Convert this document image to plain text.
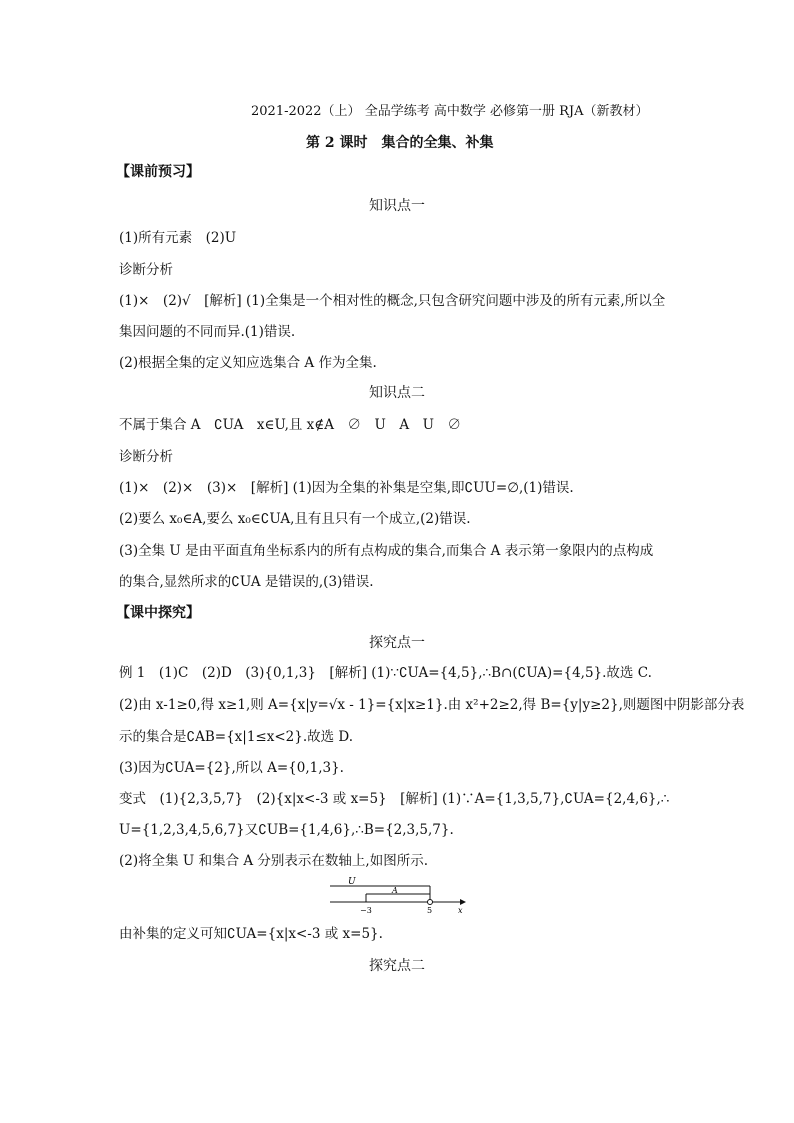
2021-2022（上） 全品学练考 高中数学 必修第一册 RJA（新教材）
第 2 课时　集合的全集、补集
【课前预习】
知识点一
(1)所有元素　(2)U
诊断分析
(1)×　(2)√　[解析] (1)全集是一个相对性的概念,只包含研究问题中涉及的所有元素,所以全
集因问题的不同而异.(1)错误.
(2)根据全集的定义知应选集合 A 作为全集.
知识点二
不属于集合 A　∁UA　x∈U,且 x∉A　∅　U　A　U　∅
诊断分析
(1)×　(2)×　(3)×　[解析] (1)因为全集的补集是空集,即∁UU=∅,(1)错误.
(2)要么 x₀∈A,要么 x₀∈∁UA,且有且只有一个成立,(2)错误.
(3)全集 U 是由平面直角坐标系内的所有点构成的集合,而集合 A 表示第一象限内的点构成
的集合,显然所求的∁UA 是错误的,(3)错误.
【课中探究】
探究点一
例 1　(1)C　(2)D　(3){0,1,3}　[解析] (1)∵∁UA={4,5},∴B∩(∁UA)={4,5}.故选 C.
(2)由 x-1≥0,得 x≥1,则 A={x|y=√x - 1}={x|x≥1}.由 x²+2≥2,得 B={y|y≥2},则题图中阴影部分表
示的集合是∁AB={x|1≤x<2}.故选 D.
(3)因为∁UA={2},所以 A={0,1,3}.
变式　(1){2,3,5,7}　(2){x|x<-3 或 x=5}　[解析] (1)∵A={1,3,5,7},∁UA={2,4,6},∴
U={1,2,3,4,5,6,7}又∁UB={1,4,6},∴B={2,3,5,7}.
(2)将全集 U 和集合 A 分别表示在数轴上,如图所示.
U
A
−3	5	x
由补集的定义可知∁UA={x|x<-3 或 x=5}.
探究点二
